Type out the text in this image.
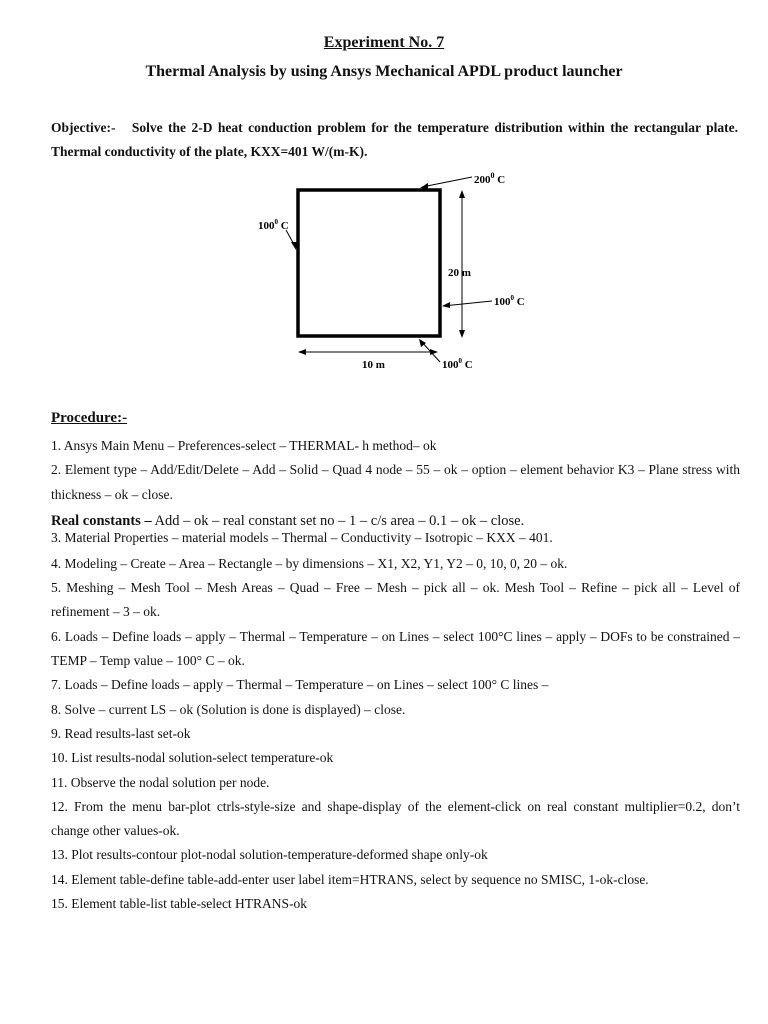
Experiment No. 7
Thermal Analysis by using Ansys Mechanical APDL product launcher
Objective:- Solve the 2-D heat conduction problem for the temperature distribution within the rectangular plate. Thermal conductivity of the plate, KXX=401 W/(m-K).
$200^0$ C
$100^0$ C
20 m
$100^0$ C
10 m	$100^0$ C
Procedure:-

1. Ansys Main Menu – Preferences-select – THERMAL- h method– ok

2. Element type – Add/Edit/Delete – Add – Solid – Quad 4 node – 55 – ok – option – element behavior K3 – Plane stress with thickness – ok – close.

Real constants – Add – ok – real constant set no – 1 – c/s area – 0.1 – ok – close.

3. Material Properties – material models – Thermal – Conductivity – Isotropic – KXX – 401.

4. Modeling – Create – Area – Rectangle – by dimensions – X1, X2, Y1, Y2 – 0, 10, 0, 20 – ok.

5. Meshing – Mesh Tool – Mesh Areas – Quad – Free – Mesh – pick all – ok. Mesh Tool – Refine – pick all – Level of refinement – 3 – ok.

6. Loads – Define loads – apply – Thermal – Temperature – on Lines – select 100°C lines – apply – DOFs to be constrained – TEMP – Temp value – 100° C – ok.

7. Loads – Define loads – apply – Thermal – Temperature – on Lines – select 100° C lines –

8. Solve – current LS – ok (Solution is done is displayed) – close.

9. Read results-last set-ok

10. List results-nodal solution-select temperature-ok

11. Observe the nodal solution per node.

12. From the menu bar-plot ctrls-style-size and shape-display of the element-click on real constant multiplier=0.2, don’t change other values-ok.

13. Plot results-contour plot-nodal solution-temperature-deformed shape only-ok

14. Element table-define table-add-enter user label item=HTRANS, select by sequence no SMISC, 1-ok-close.

15. Element table-list table-select HTRANS-ok
